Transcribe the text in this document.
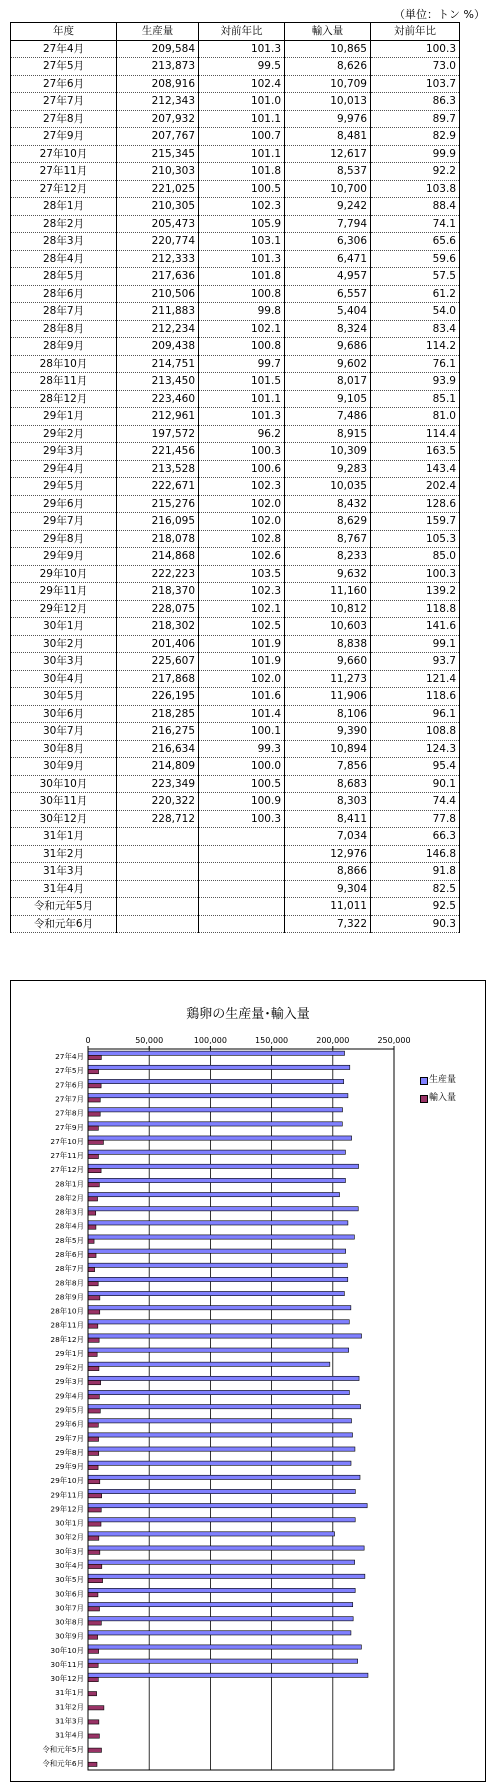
（単位：トン %）
年度	生産量	対前年比	輸入量	対前年比
27年4月	209,584	101.3	10,865	100.3
27年5月	213,873	99.5	8,626	73.0
27年6月	208,916	102.4	10,709	103.7
27年7月	212,343	101.0	10,013	86.3
27年8月	207,932	101.1	9,976	89.7
27年9月	207,767	100.7	8,481	82.9
27年10月	215,345	101.1	12,617	99.9
27年11月	210,303	101.8	8,537	92.2
27年12月	221,025	100.5	10,700	103.8
28年1月	210,305	102.3	9,242	88.4
28年2月	205,473	105.9	7,794	74.1
28年3月	220,774	103.1	6,306	65.6
28年4月	212,333	101.3	6,471	59.6
28年5月	217,636	101.8	4,957	57.5
28年6月	210,506	100.8	6,557	61.2
28年7月	211,883	99.8	5,404	54.0
28年8月	212,234	102.1	8,324	83.4
28年9月	209,438	100.8	9,686	114.2
28年10月	214,751	99.7	9,602	76.1
28年11月	213,450	101.5	8,017	93.9
28年12月	223,460	101.1	9,105	85.1
29年1月	212,961	101.3	7,486	81.0
29年2月	197,572	96.2	8,915	114.4
29年3月	221,456	100.3	10,309	163.5
29年4月	213,528	100.6	9,283	143.4
29年5月	222,671	102.3	10,035	202.4
29年6月	215,276	102.0	8,432	128.6
29年7月	216,095	102.0	8,629	159.7
29年8月	218,078	102.8	8,767	105.3
29年9月	214,868	102.6	8,233	85.0
29年10月	222,223	103.5	9,632	100.3
29年11月	218,370	102.3	11,160	139.2
29年12月	228,075	102.1	10,812	118.8
30年1月	218,302	102.5	10,603	141.6
30年2月	201,406	101.9	8,838	99.1
30年3月	225,607	101.9	9,660	93.7
30年4月	217,868	102.0	11,273	121.4
30年5月	226,195	101.6	11,906	118.6
30年6月	218,285	101.4	8,106	96.1
30年7月	216,275	100.1	9,390	108.8
30年8月	216,634	99.3	10,894	124.3
30年9月	214,809	100.0	7,856	95.4
30年10月	223,349	100.5	8,683	90.1
30年11月	220,322	100.9	8,303	74.4
30年12月	228,712	100.3	8,411	77.8
31年1月			7,034	66.3
31年2月			12,976	146.8
31年3月			8,866	91.8
31年4月			9,304	82.5
令和元年5月			11,011	92.5
令和元年6月			7,322	90.3
鶏卵の生産量･輸入量
0	50,000	100,000	150,000	200,000	250,000
27年4月
27年5月
27年6月
27年7月
27年8月
27年9月
27年10月
27年11月
27年12月
28年1月
28年2月
28年3月
28年4月
28年5月
28年6月
28年7月
28年8月
28年9月
28年10月
28年11月
28年12月
29年1月
29年2月
29年3月
29年4月
29年5月
29年6月
29年7月
29年8月
29年9月
29年10月
29年11月
29年12月
30年1月
30年2月
30年3月
30年4月
30年5月
30年6月
30年7月
30年8月
30年9月
30年10月
30年11月
30年12月
31年1月
31年2月
31年3月
31年4月
令和元年5月
令和元年6月
生産量
輸入量
